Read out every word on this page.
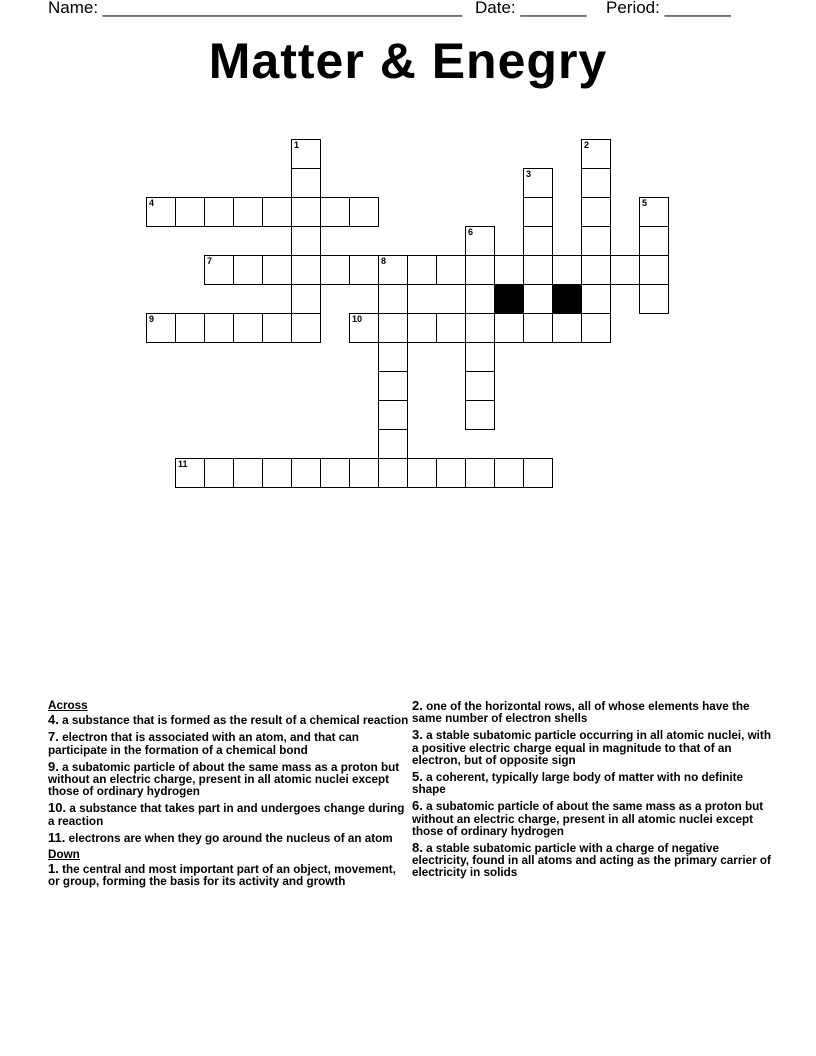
Name: ______________________________________ Date: _______ Period: _______
Matter & Enegry
1	2
3
4	5
6
7	8
9	10
11
Across
4. a substance that is formed as the result of a chemical reaction
7. electron that is associated with an atom, and that can participate in the formation of a chemical bond
9. a subatomic particle of about the same mass as a proton but without an electric charge, present in all atomic nuclei except those of ordinary hydrogen
10. a substance that takes part in and undergoes change during a reaction
11. electrons are when they go around the nucleus of an atom
Down
1. the central and most important part of an object, movement, or group, forming the basis for its activity and growth
2. one of the horizontal rows, all of whose elements have the same number of electron shells
3. a stable subatomic particle occurring in all atomic nuclei, with a positive electric charge equal in magnitude to that of an electron, but of opposite sign
5. a coherent, typically large body of matter with no definite shape
6. a subatomic particle of about the same mass as a proton but without an electric charge, present in all atomic nuclei except those of ordinary hydrogen
8. a stable subatomic particle with a charge of negative electricity, found in all atoms and acting as the primary carrier of electricity in solids
